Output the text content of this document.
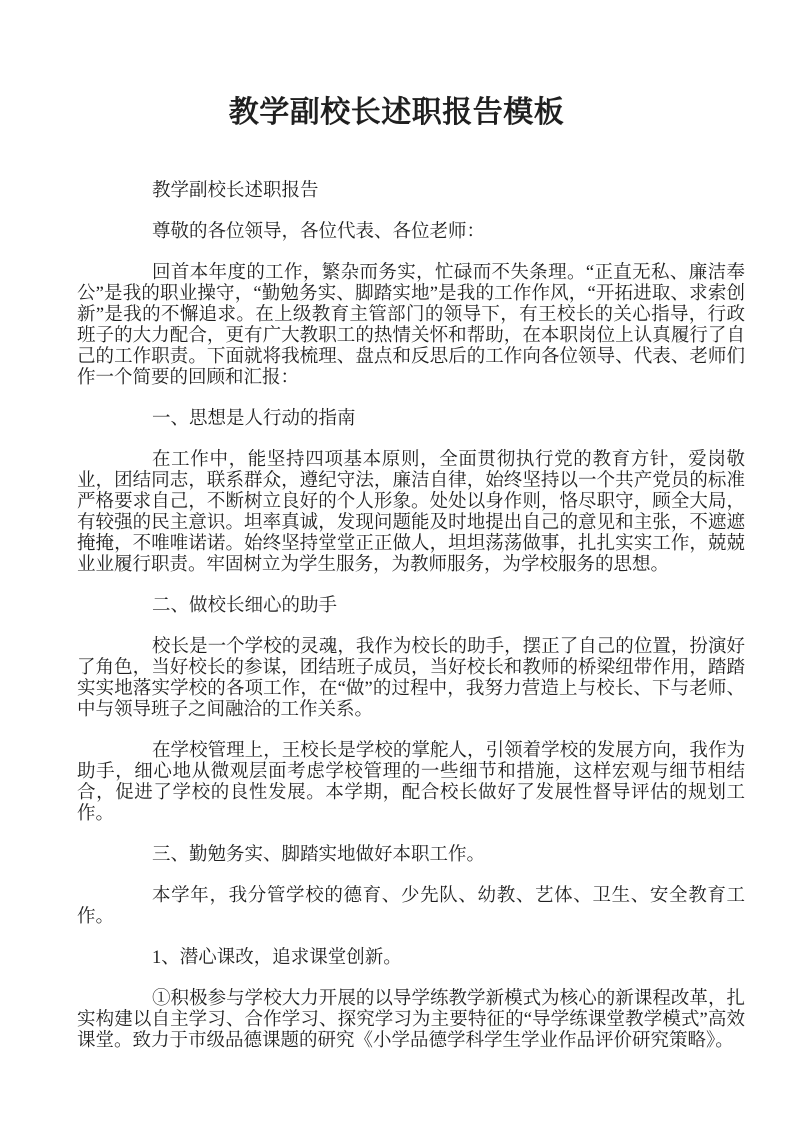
教学副校长述职报告模板

教学副校长述职报告

尊敬的各位领导，各位代表、各位老师：

回首本年度的工作，繁杂而务实，忙碌而不失条理。“正直无私、廉洁奉公”是我的职业操守，“勤勉务实、脚踏实地”是我的工作作风，“开拓进取、求索创新”是我的不懈追求。在上级教育主管部门的领导下，有王校长的关心指导，行政班子的大力配合，更有广大教职工的热情关怀和帮助，在本职岗位上认真履行了自己的工作职责。下面就将我梳理、盘点和反思后的工作向各位领导、代表、老师们作一个简要的回顾和汇报：

一、思想是人行动的指南

在工作中，能坚持四项基本原则，全面贯彻执行党的教育方针，爱岗敬业，团结同志，联系群众，遵纪守法，廉洁自律，始终坚持以一个共产党员的标准严格要求自己，不断树立良好的个人形象。处处以身作则，恪尽职守，顾全大局，有较强的民主意识。坦率真诚，发现问题能及时地提出自己的意见和主张，不遮遮掩掩，不唯唯诺诺。始终坚持堂堂正正做人，坦坦荡荡做事，扎扎实实工作，兢兢业业履行职责。牢固树立为学生服务，为教师服务，为学校服务的思想。

二、做校长细心的助手

校长是一个学校的灵魂，我作为校长的助手，摆正了自己的位置，扮演好了角色，当好校长的参谋，团结班子成员，当好校长和教师的桥梁纽带作用，踏踏实实地落实学校的各项工作，在“做”的过程中，我努力营造上与校长、下与老师、中与领导班子之间融洽的工作关系。

在学校管理上，王校长是学校的掌舵人，引领着学校的发展方向，我作为助手，细心地从微观层面考虑学校管理的一些细节和措施，这样宏观与细节相结合，促进了学校的良性发展。本学期，配合校长做好了发展性督导评估的规划工作。

三、勤勉务实、脚踏实地做好本职工作。

本学年，我分管学校的德育、少先队、幼教、艺体、卫生、安全教育工作。

1、潜心课改，追求课堂创新。

①积极参与学校大力开展的以导学练教学新模式为核心的新课程改革，扎实构建以自主学习、合作学习、探究学习为主要特征的“导学练课堂教学模式”高效课堂。致力于市级品德课题的研究《小学品德学科学生学业作品评价研究策略》。
